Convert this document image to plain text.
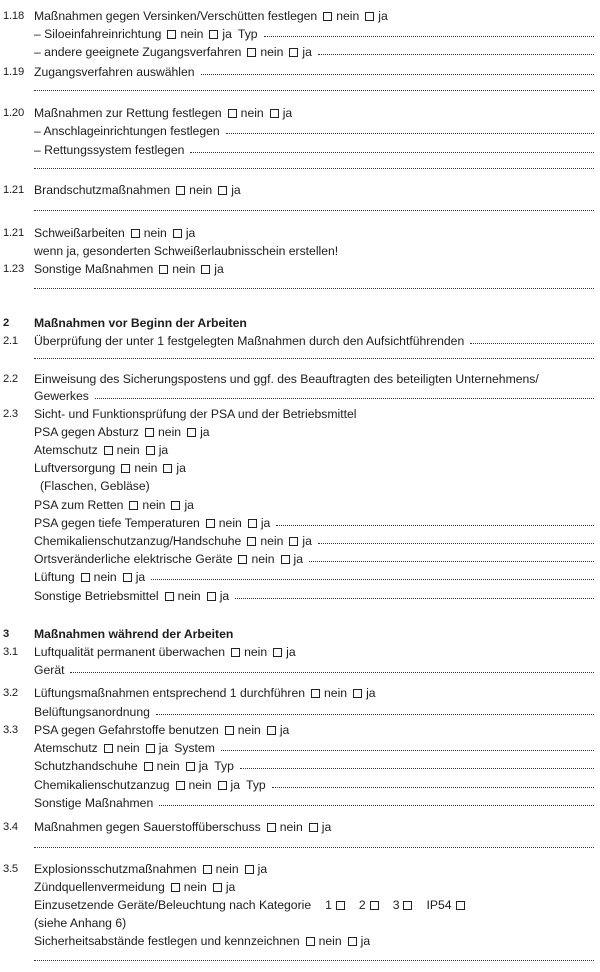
1.18 Maßnahmen gegen Versinken/Verschütten festlegen nein ja
– Siloeinfahreinrichtung nein ja Typ
– andere geeignete Zugangsverfahren nein ja
1.19 Zugangsverfahren auswählen
1.20 Maßnahmen zur Rettung festlegen nein ja
– Anschlageinrichtungen festlegen
– Rettungssystem festlegen
1.21 Brandschutzmaßnahmen nein ja
1.21 Schweißarbeiten nein ja
wenn ja, gesonderten Schweißerlaubnisschein erstellen!
1.23 Sonstige Maßnahmen nein ja
2 Maßnahmen vor Beginn der Arbeiten
2.1 Überprüfung der unter 1 festgelegten Maßnahmen durch den Aufsichtführenden
2.2 Einweisung des Sicherungspostens und ggf. des Beauftragten des beteiligten Unternehmens/
Gewerkes
2.3 Sicht- und Funktionsprüfung der PSA und der Betriebsmittel
PSA gegen Absturz nein ja
Atemschutz nein ja
Luftversorgung nein ja
(Flaschen, Gebläse)
PSA zum Retten nein ja
PSA gegen tiefe Temperaturen nein ja
Chemikalienschutzanzug/Handschuhe nein ja
Ortsveränderliche elektrische Geräte nein ja
Lüftung nein ja
Sonstige Betriebsmittel nein ja
3 Maßnahmen während der Arbeiten
3.1 Luftqualität permanent überwachen nein ja
Gerät
3.2 Lüftungsmaßnahmen entsprechend 1 durchführen nein ja
Belüftungsanordnung
3.3 PSA gegen Gefahrstoffe benutzen nein ja
Atemschutz nein ja System
Schutzhandschuhe nein ja Typ
Chemikalienschutzanzug nein ja Typ
Sonstige Maßnahmen
3.4 Maßnahmen gegen Sauerstoffüberschuss nein ja
3.5 Explosionsschutzmaßnahmen nein ja
Zündquellenvermeidung nein ja
Einzusetzende Geräte/Beleuchtung nach Kategorie 1 2 3 IP54
(siehe Anhang 6)
Sicherheitsabstände festlegen und kennzeichnen nein ja
